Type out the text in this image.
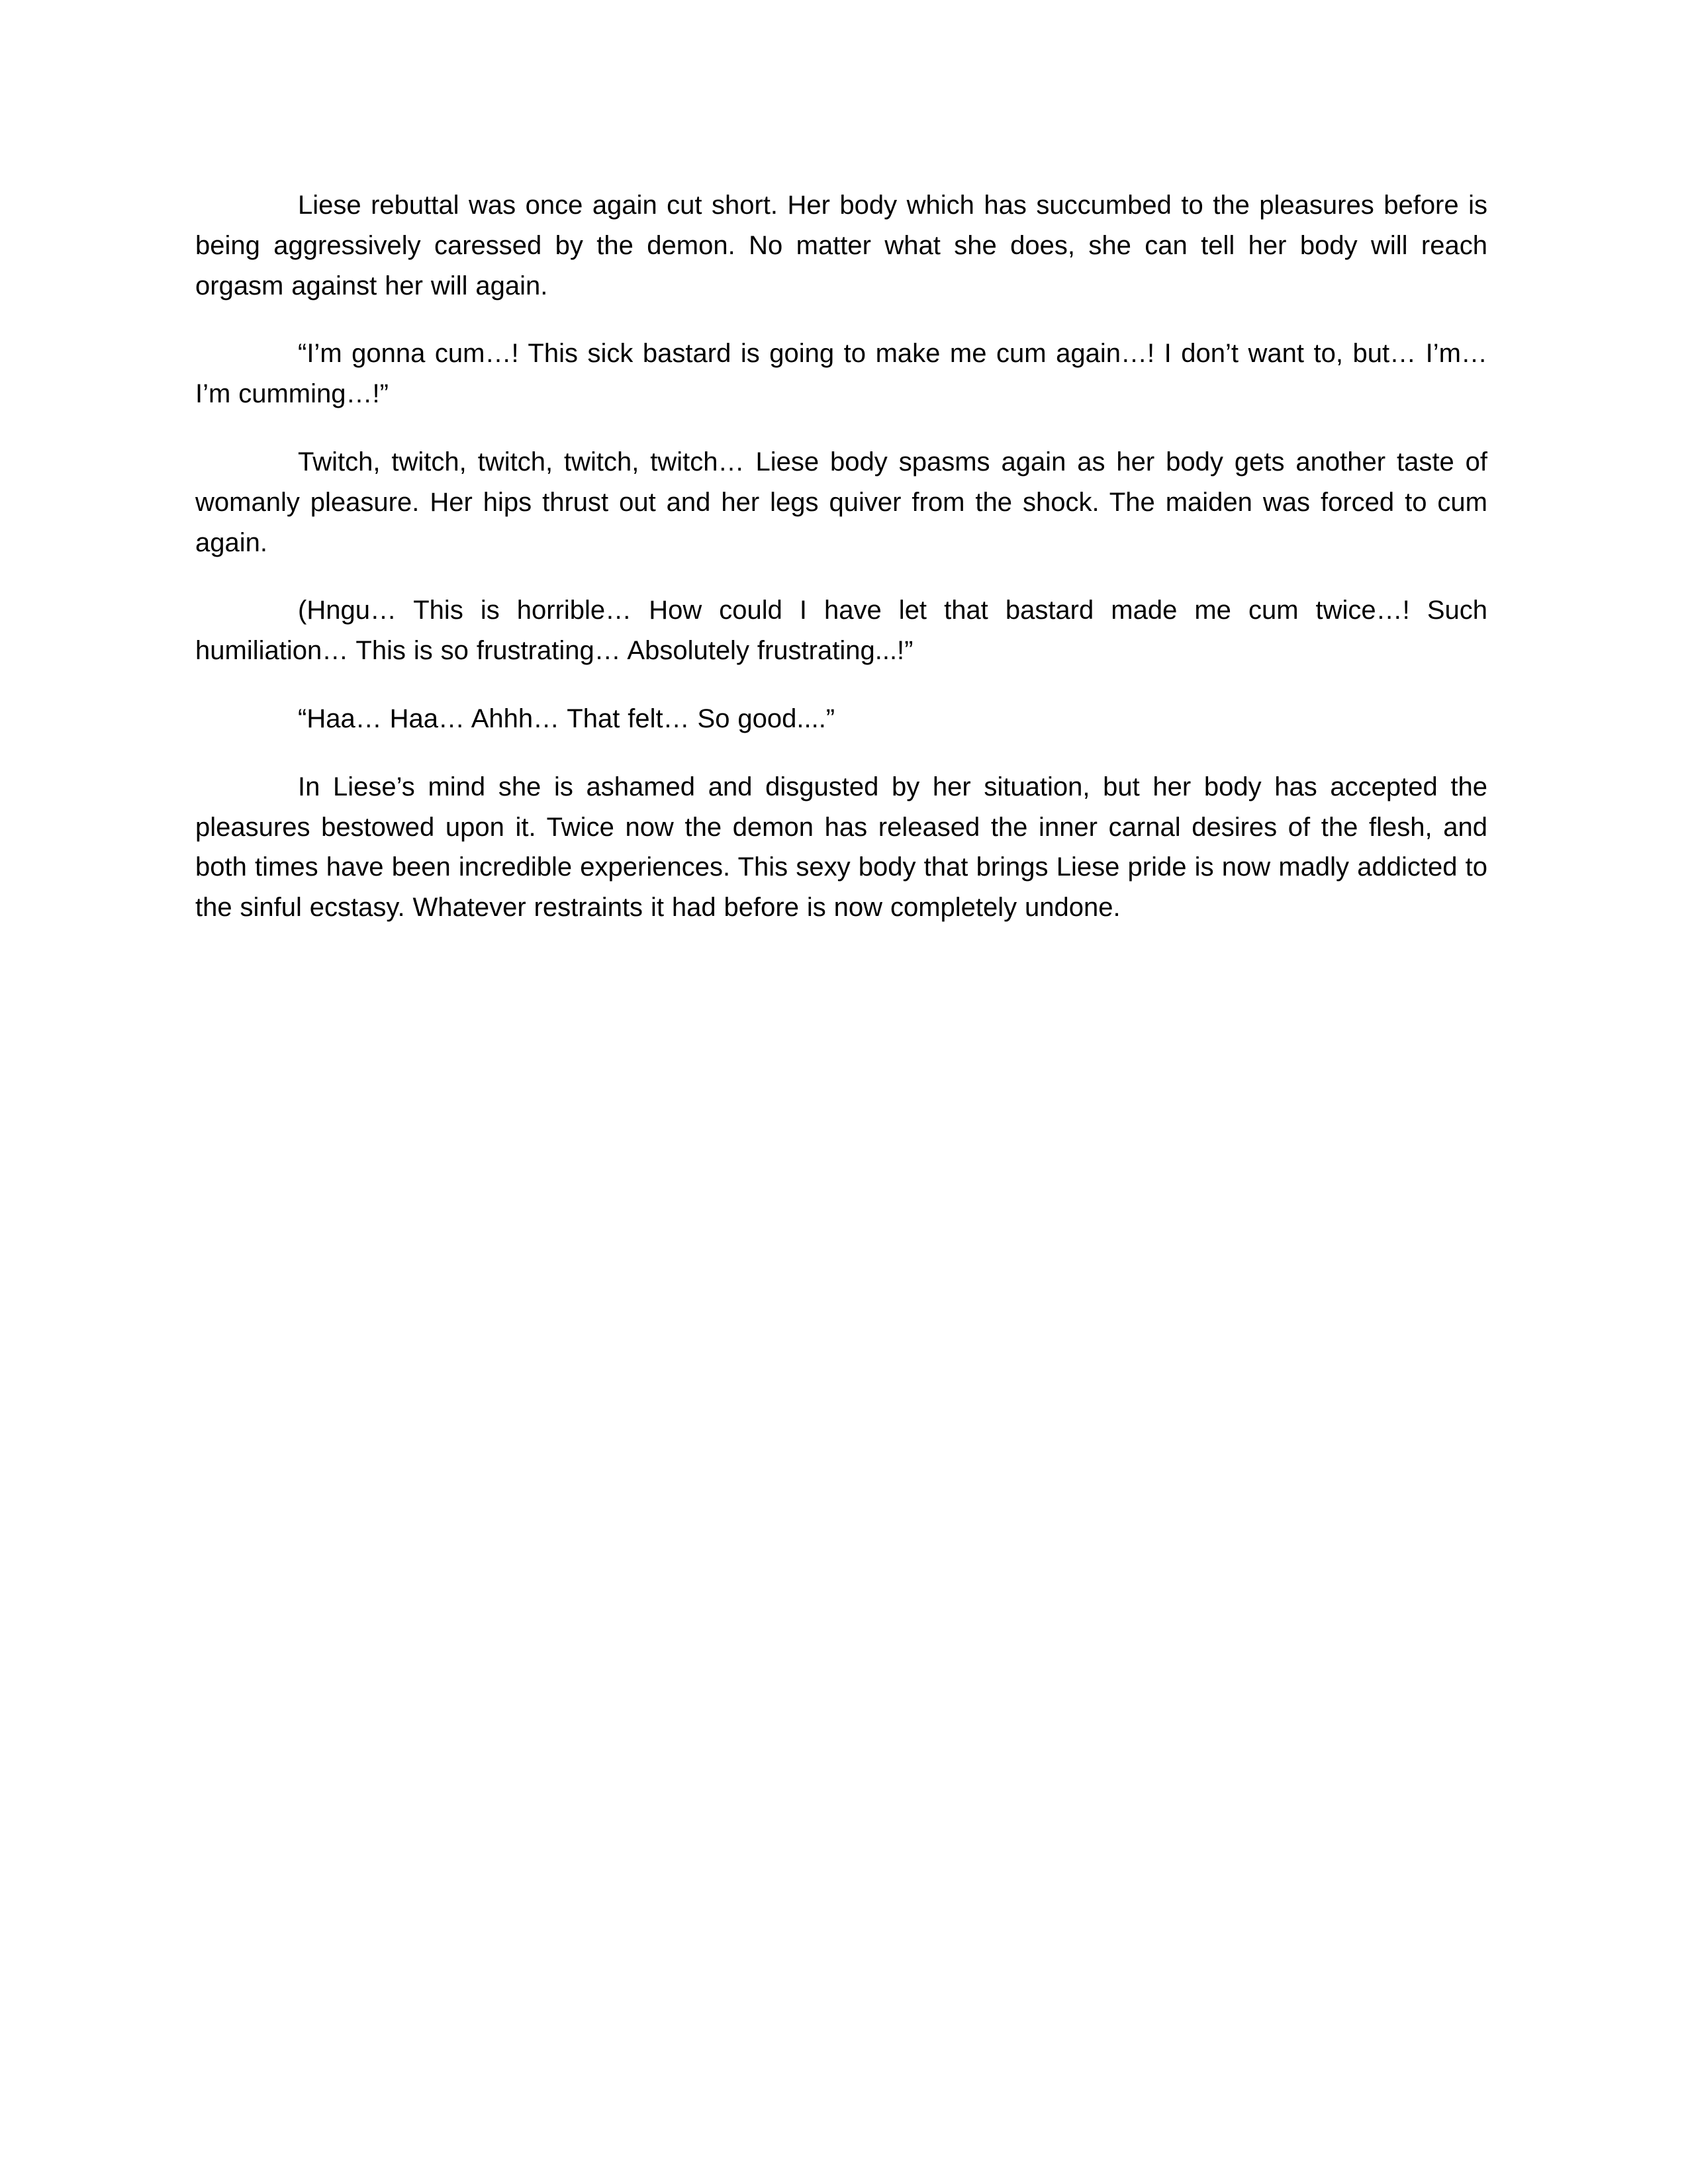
Liese rebuttal was once again cut short. Her body which has succumbed to the pleasures before is being aggressively caressed by the demon. No matter what she does, she can tell her body will reach orgasm against her will again.

“I’m gonna cum…! This sick bastard is going to make me cum again…! I don’t want to, but… I’m… I’m cumming…!”

Twitch, twitch, twitch, twitch, twitch… Liese body spasms again as her body gets another taste of womanly pleasure. Her hips thrust out and her legs quiver from the shock. The maiden was forced to cum again.

(Hngu… This is horrible… How could I have let that bastard made me cum twice…! Such humiliation… This is so frustrating… Absolutely frustrating...!”

“Haa… Haa… Ahhh… That felt… So good....”

In Liese’s mind she is ashamed and disgusted by her situation, but her body has accepted the pleasures bestowed upon it. Twice now the demon has released the inner carnal desires of the flesh, and both times have been incredible experiences. This sexy body that brings Liese pride is now madly addicted to the sinful ecstasy. Whatever restraints it had before is now completely undone.
